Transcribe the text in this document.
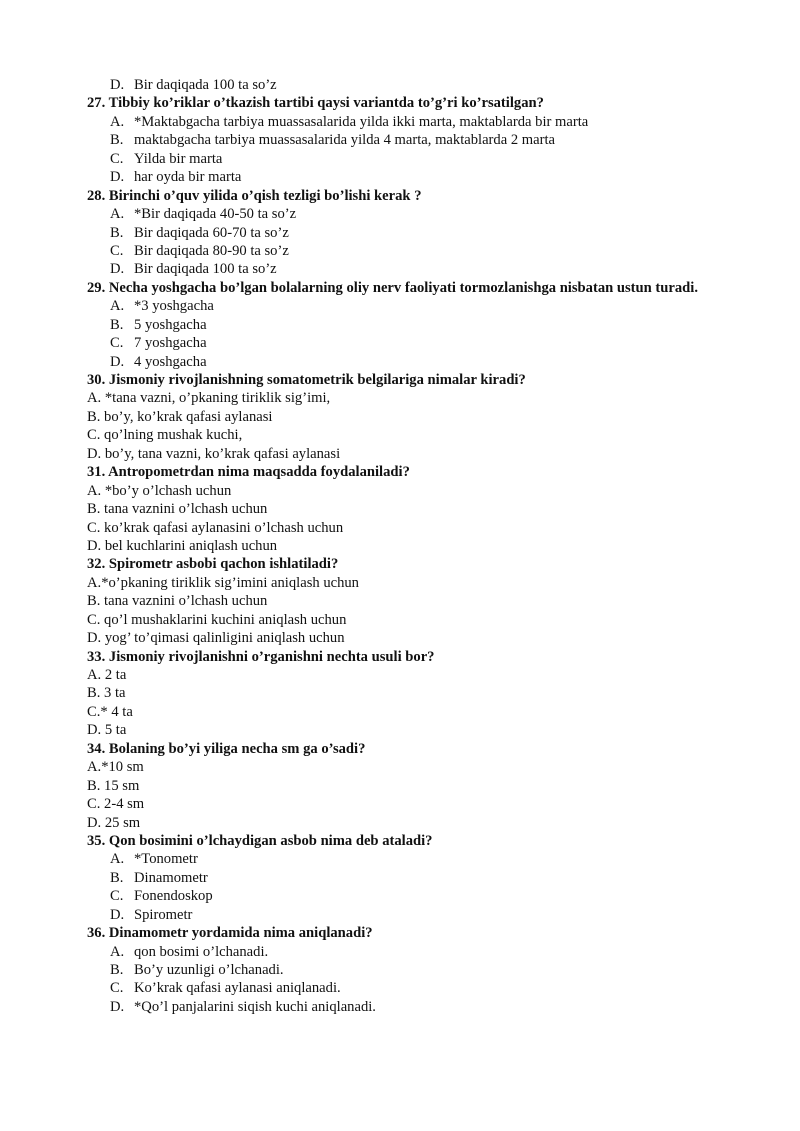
D. Bir daqiqada 100 ta so’z
27. Tibbiy ko’riklar o’tkazish tartibi qaysi variantda to’g’ri ko’rsatilgan?
A. *Maktabgacha tarbiya muassasalarida yilda ikki marta, maktablarda bir marta
B. maktabgacha tarbiya muassasalarida yilda 4 marta, maktablarda 2 marta
C. Yilda bir marta
D. har oyda bir marta
28. Birinchi o’quv yilida o’qish tezligi bo’lishi kerak ?
A. *Bir daqiqada 40-50 ta so’z
B. Bir daqiqada 60-70 ta so’z
C. Bir daqiqada 80-90 ta so’z
D. Bir daqiqada 100 ta so’z
29. Necha yoshgacha bo’lgan bolalarning oliy nerv faoliyati tormozlanishga nisbatan ustun turadi.
A. *3 yoshgacha
B. 5 yoshgacha
C. 7 yoshgacha
D. 4 yoshgacha
30. Jismoniy rivojlanishning somatometrik belgilariga nimalar kiradi?
A. *tana vazni, o’pkaning tiriklik sig’imi,
B. bo’y, ko’krak qafasi aylanasi
C. qo’lning mushak kuchi,
D. bo’y, tana vazni, ko’krak qafasi aylanasi
31. Antropometrdan nima maqsadda foydalaniladi?
A. *bo’y o’lchash uchun
B. tana vaznini o’lchash uchun
C. ko’krak qafasi aylanasini o’lchash uchun
D. bel kuchlarini aniqlash uchun
32. Spirometr asbobi qachon ishlatiladi?
A.*o’pkaning tiriklik sig’imini aniqlash uchun
B. tana vaznini o’lchash uchun
C. qo’l mushaklarini kuchini aniqlash uchun
D. yog’ to’qimasi qalinligini aniqlash uchun
33. Jismoniy rivojlanishni o’rganishni nechta usuli bor?
A. 2 ta
B. 3 ta
C.* 4 ta
D. 5 ta
34. Bolaning bo’yi yiliga necha sm ga o’sadi?
A.*10 sm
B. 15 sm
C. 2-4 sm
D. 25 sm
35. Qon bosimini o’lchaydigan asbob nima deb ataladi?
A. *Tonometr
B. Dinamometr
C. Fonendoskop
D. Spirometr
36. Dinamometr yordamida nima aniqlanadi?
A. qon bosimi o’lchanadi.
B. Bo’y uzunligi o’lchanadi.
C. Ko’krak qafasi aylanasi aniqlanadi.
D. *Qo’l panjalarini siqish kuchi aniqlanadi.
